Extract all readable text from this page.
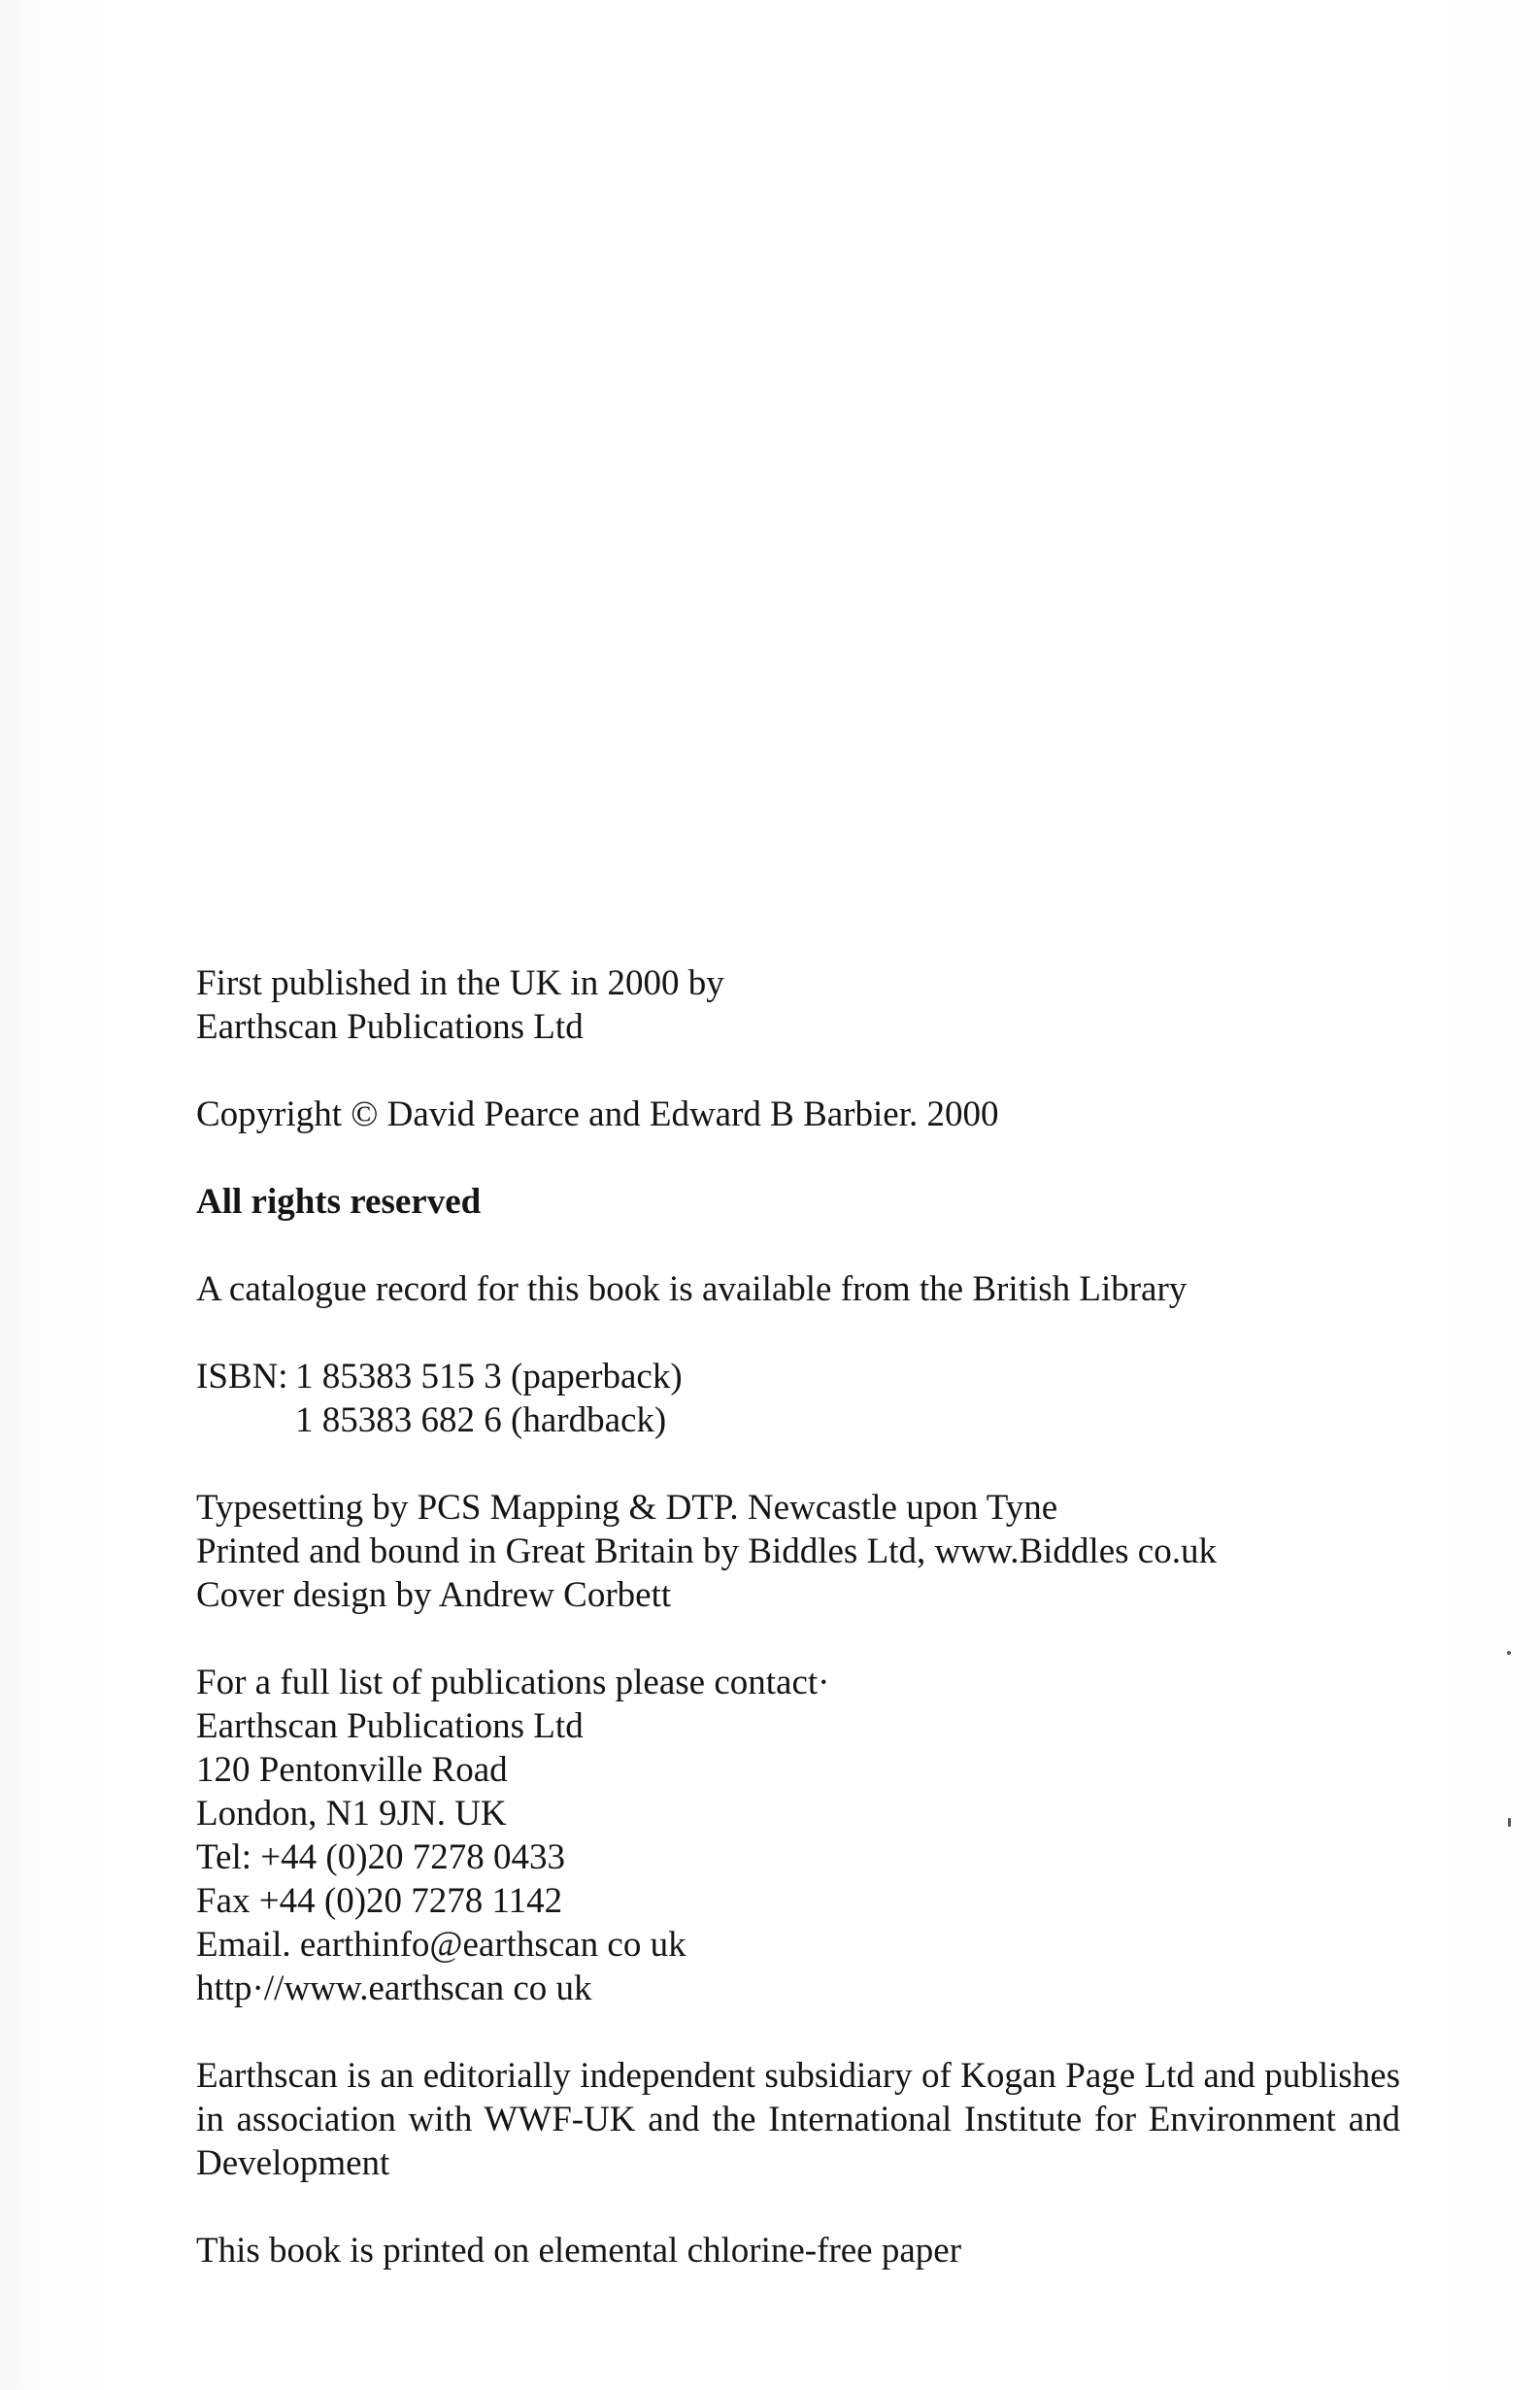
First published in the UK in 2000 by
Earthscan Publications Ltd
Copyright © David Pearce and Edward B Barbier. 2000
All rights reserved
A catalogue record for this book is available from the British Library
ISBN: 1 85383 515 3 (paperback)
1 85383 682 6 (hardback)
Typesetting by PCS Mapping & DTP. Newcastle upon Tyne
Printed and bound in Great Britain by Biddles Ltd, www.Biddles co.uk
Cover design by Andrew Corbett
For a full list of publications please contact·
Earthscan Publications Ltd
120 Pentonville Road
London, N1 9JN. UK
Tel: +44 (0)20 7278 0433
Fax +44 (0)20 7278 1142
Email. earthinfo@earthscan co uk
http·//www.earthscan co uk
Earthscan is an editorially independent subsidiary of Kogan Page Ltd and publishes in association with WWF-UK and the International Institute for Environment and Development
This book is printed on elemental chlorine-free paper
